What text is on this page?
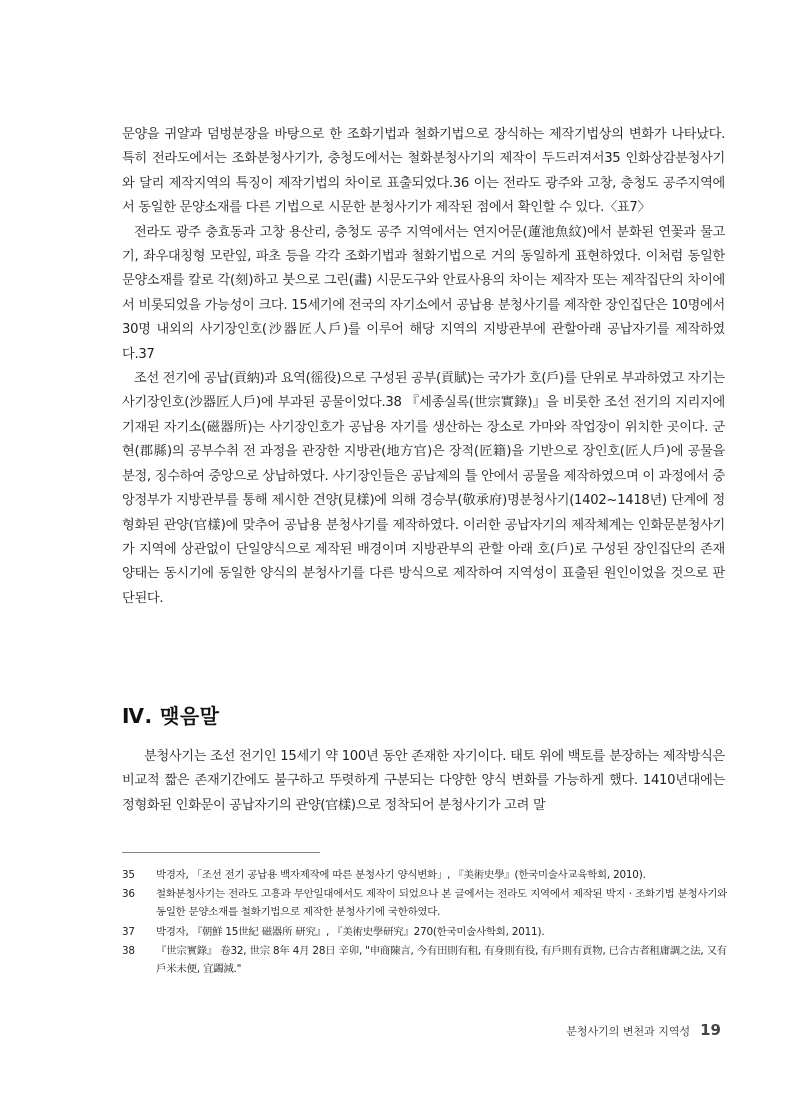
문양을 귀얄과 덤벙분장을 바탕으로 한 조화기법과 철화기법으로 장식하는 제작기법상의 변화가 나타났다. 특히 전라도에서는 조화분청사기가, 충청도에서는 철화분청사기의 제작이 두드러져서35 인화상감분청사기와 달리 제작지역의 특징이 제작기법의 차이로 표출되었다.36 이는 전라도 광주와 고창, 충청도 공주지역에서 동일한 문양소재를 다른 기법으로 시문한 분청사기가 제작된 점에서 확인할 수 있다.〈표7〉

전라도 광주 충효동과 고창 용산리, 충청도 공주 지역에서는 연지어문(蓮池魚紋)에서 분화된 연꽃과 물고기, 좌우대칭형 모란잎, 파초 등을 각각 조화기법과 철화기법으로 거의 동일하게 표현하였다. 이처럼 동일한 문양소재를 칼로 각(刻)하고 붓으로 그린(畵) 시문도구와 안료사용의 차이는 제작자 또는 제작집단의 차이에서 비롯되었을 가능성이 크다. 15세기에 전국의 자기소에서 공납용 분청사기를 제작한 장인집단은 10명에서 30명 내외의 사기장인호(沙器匠人戶)를 이루어 해당 지역의 지방관부에 관할아래 공납자기를 제작하였다.37

조선 전기에 공납(貢納)과 요역(徭役)으로 구성된 공부(貢賦)는 국가가 호(戶)를 단위로 부과하였고 자기는 사기장인호(沙器匠人戶)에 부과된 공물이었다.38 『세종실록(世宗實錄)』을 비롯한 조선 전기의 지리지에 기재된 자기소(磁器所)는 사기장인호가 공납용 자기를 생산하는 장소로 가마와 작업장이 위치한 곳이다. 군현(郡縣)의 공부수취 전 과정을 관장한 지방관(地方官)은 장적(匠籍)을 기반으로 장인호(匠人戶)에 공물을 분정, 징수하여 중앙으로 상납하였다. 사기장인들은 공납제의 틀 안에서 공물을 제작하였으며 이 과정에서 중앙정부가 지방관부를 통해 제시한 견양(見樣)에 의해 경승부(敬承府)명분청사기(1402~1418년) 단계에 정형화된 관양(官樣)에 맞추어 공납용 분청사기를 제작하였다. 이러한 공납자기의 제작체계는 인화문분청사기가 지역에 상관없이 단일양식으로 제작된 배경이며 지방관부의 관할 아래 호(戶)로 구성된 장인집단의 존재양태는 동시기에 동일한 양식의 분청사기를 다른 방식으로 제작하여 지역성이 표출된 원인이었을 것으로 판단된다.

Ⅳ. 맺음말

분청사기는 조선 전기인 15세기 약 100년 동안 존재한 자기이다. 태토 위에 백토를 분장하는 제작방식은 비교적 짧은 존재기간에도 불구하고 뚜렷하게 구분되는 다양한 양식 변화를 가능하게 했다. 1410년대에는 정형화된 인화문이 공납자기의 관양(官樣)으로 정착되어 분청사기가 고려 말

35	박경자, 「조선 전기 공납용 백자제작에 따른 분청사기 양식변화」, 『美術史學』(한국미술사교육학회, 2010).
36	철화분청사기는 전라도 고흥과 무안일대에서도 제작이 되었으나 본 글에서는 전라도 지역에서 제작된 박지 · 조화기법 분청사기와 동일한 문양소재를 철화기법으로 제작한 분청사기에 국한하였다.
37	박경자, 『朝鮮 15世紀 磁器所 研究』, 『美術史學研究』270(한국미술사학회, 2011).
38	『世宗實錄』 卷32, 世宗 8年 4月 28日 辛卯, "申商陳言, 今有田則有租, 有身則有役, 有戶則有貢物, 已合古者租庸調之法, 又有戶米未便, 宜蠲減."
분청사기의 변천과 지역성 19
